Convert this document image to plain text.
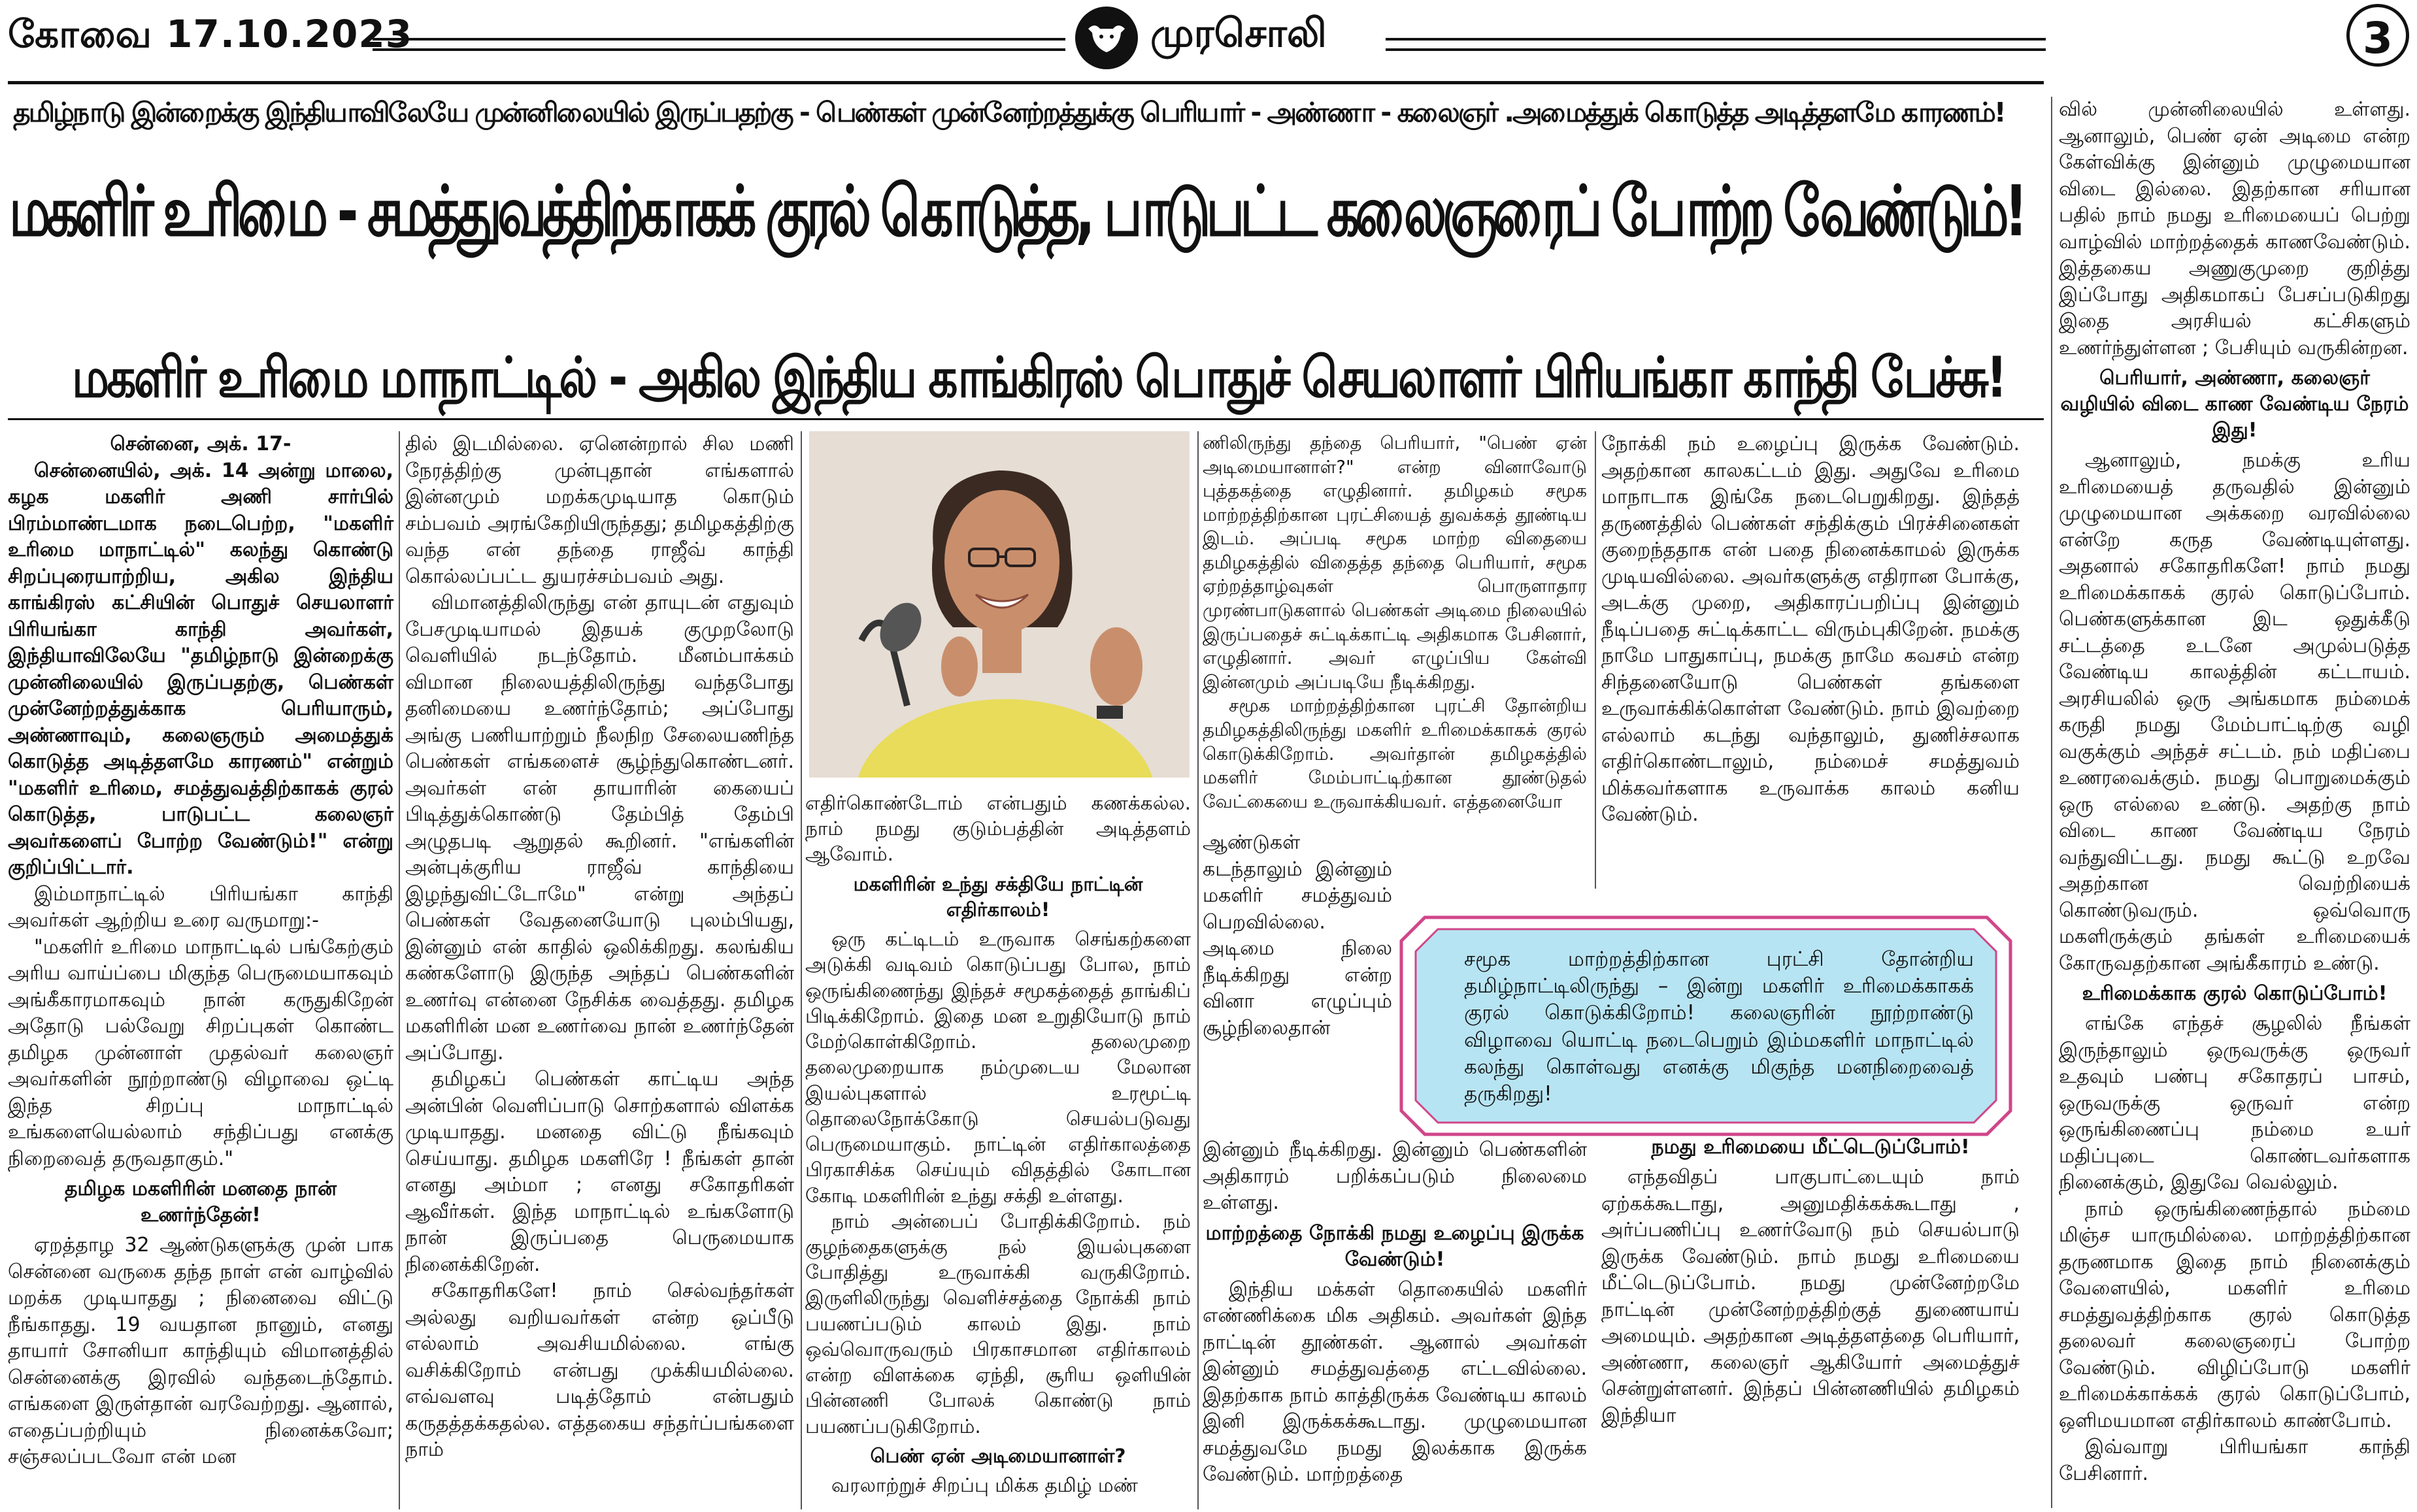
கோவை 17.10.2023	முரசொலி	3
தமிழ்நாடு இன்றைக்கு இந்தியாவிலேயே முன்னிலையில் இருப்பதற்கு - பெண்கள் முன்னேற்றத்துக்கு பெரியார் - அண்ணா - கலைஞர் .அமைத்துக் கொடுத்த அடித்தளமே காரணம்!
மகளிர் உரிமை - சமத்துவத்திற்காகக் குரல் கொடுத்த, பாடுபட்ட கலைஞரைப் போற்ற வேண்டும்!
மகளிர் உரிமை மாநாட்டில் - அகில இந்திய காங்கிரஸ் பொதுச் செயலாளர் பிரியங்கா காந்தி பேச்சு!

சென்னை, அக். 17-

சென்னையில், அக். 14 அன்று மாலை, கழக மகளிர் அணி சார்பில் பிரம்மாண்டமாக நடைபெற்ற, "மகளிர் உரிமை மாநாட்டில்" கலந்து கொண்டு சிறப்புரையாற்றிய, அகில இந்திய காங்கிரஸ் கட்சியின் பொதுச் செயலாளர் பிரியங்கா காந்தி அவர்கள், இந்தியாவிலேயே "தமிழ்நாடு இன்றைக்கு முன்னிலையில் இருப்பதற்கு, பெண்கள் முன்னேற்றத்துக்காக பெரியாரும், அண்ணாவும், கலைஞரும் அமைத்துக் கொடுத்த அடித்தளமே காரணம்" என்றும் "மகளிர் உரிமை, சமத்துவத்திற்காகக் குரல் கொடுத்த, பாடுபட்ட கலைஞர் அவர்களைப் போற்ற வேண்டும்!" என்று குறிப்பிட்டார்.

இம்மாநாட்டில் பிரியங்கா காந்தி அவர்கள் ஆற்றிய உரை வருமாறு:-

"மகளிர் உரிமை மாநாட்டில் பங்கேற்கும் அரிய வாய்ப்பை மிகுந்த பெருமையாகவும் அங்கீகாரமாகவும் நான் கருதுகிறேன் அதோடு பல்வேறு சிறப்புகள் கொண்ட தமிழக முன்னாள் முதல்வர் கலைஞர் அவர்களின் நூற்றாண்டு விழாவை ஒட்டி இந்த சிறப்பு மாநாட்டில் உங்களையெல்லாம் சந்திப்பது எனக்கு நிறைவைத் தருவதாகும்."

தமிழக மகளிரின் மனதை நான் உணர்ந்தேன்!

ஏறத்தாழ 32 ஆண்டுகளுக்கு முன் பாக சென்னை வருகை தந்த நாள் என் வாழ்வில் மறக்க முடியாதது ; நினைவை விட்டு நீங்காதது. 19 வயதான நானும், எனது தாயார் சோனியா காந்தியும் விமானத்தில் சென்னைக்கு இரவில் வந்தடைந்தோம். எங்களை இருள்தான் வரவேற்றது. ஆனால், எதைப்பற்றியும் நினைக்கவோ; சஞ்சலப்படவோ என் மன

தில் இடமில்லை. ஏனென்றால் சில மணி நேரத்திற்கு முன்புதான் எங்களால் இன்னமும் மறக்கமுடியாத கொடும் சம்பவம் அரங்கேறியிருந்தது; தமிழகத்திற்கு வந்த என் தந்தை ராஜீவ் காந்தி கொல்லப்பட்ட துயரச்சம்பவம் அது.

விமானத்திலிருந்து என் தாயுடன் எதுவும் பேசமுடியாமல் இதயக் குமுறலோடு வெளியில் நடந்தோம். மீனம்பாக்கம் விமான நிலையத்திலிருந்து வந்தபோது தனிமையை உணர்ந்தோம்; அப்போது அங்கு பணியாற்றும் நீலநிற சேலையணிந்த பெண்கள் எங்களைச் சூழ்ந்துகொண்டனர். அவர்கள் என் தாயாரின் கையைப் பிடித்துக்கொண்டு தேம்பித் தேம்பி அழுதபடி ஆறுதல் கூறினர். "எங்களின் அன்புக்குரிய ராஜீவ் காந்தியை இழந்துவிட்டோமே" என்று அந்தப் பெண்கள் வேதனையோடு புலம்பியது, இன்னும் என் காதில் ஒலிக்கிறது. கலங்கிய கண்களோடு இருந்த அந்தப் பெண்களின் உணர்வு என்னை நேசிக்க வைத்தது. தமிழக மகளிரின் மன உணர்வை நான் உணர்ந்தேன் அப்போது.

தமிழகப் பெண்கள் காட்டிய அந்த அன்பின் வெளிப்பாடு சொற்களால் விளக்க முடியாதது. மனதை விட்டு நீங்கவும் செய்யாது. தமிழக மகளிரே ! நீங்கள் தான் எனது அம்மா ; எனது சகோதரிகள் ஆவீர்கள். இந்த மாநாட்டில் உங்களோடு நான் இருப்பதை பெருமையாக நினைக்கிறேன்.

சகோதரிகளே! நாம் செல்வந்தர்கள் அல்லது வறியவர்கள் என்ற ஒப்பீடு எல்லாம் அவசியமில்லை. எங்கு வசிக்கிறோம் என்பது முக்கியமில்லை. எவ்வளவு படித்தோம் என்பதும் கருதத்தக்கதல்ல. எத்தகைய சந்தர்ப்பங்களை நாம்

எதிர்கொண்டோம் என்பதும் கணக்கல்ல. நாம் நமது குடும்பத்தின் அடித்தளம் ஆவோம்.

மகளிரின் உந்து சக்தியே நாட்டின் எதிர்காலம்!

ஒரு கட்டிடம் உருவாக செங்கற்களை அடுக்கி வடிவம் கொடுப்பது போல, நாம் ஒருங்கிணைந்து இந்தச் சமூகத்தைத் தாங்கிப் பிடிக்கிறோம். இதை மன உறுதியோடு நாம் மேற்கொள்கிறோம். தலைமுறை தலைமுறையாக நம்முடைய மேலான இயல்புகளால் உரமூட்டி தொலைநோக்கோடு செயல்படுவது பெருமையாகும். நாட்டின் எதிர்காலத்தை பிரகாசிக்க செய்யும் விதத்தில் கோடான கோடி மகளிரின் உந்து சக்தி உள்ளது.

நாம் அன்பைப் போதிக்கிறோம். நம் குழந்தைகளுக்கு நல் இயல்புகளை போதித்து உருவாக்கி வருகிறோம். இருளிலிருந்து வெளிச்சத்தை நோக்கி நாம் பயணப்படும் காலம் இது. நாம் ஒவ்வொருவரும் பிரகாசமான எதிர்காலம் என்ற விளக்கை ஏந்தி, சூரிய ஒளியின் பின்னணி போலக் கொண்டு நாம் பயணப்படுகிறோம்.

பெண் ஏன் அடிமையானாள்?

வரலாற்றுச் சிறப்பு மிக்க தமிழ் மண்

ணிலிருந்து தந்தை பெரியார், "பெண் ஏன் அடிமையானாள்?" என்ற வினாவோடு புத்தகத்தை எழுதினார். தமிழகம் சமூக மாற்றத்திற்கான புரட்சியைத் துவக்கத் தூண்டிய இடம். அப்படி சமூக மாற்ற விதையை தமிழகத்தில் விதைத்த தந்தை பெரியார், சமூக ஏற்றத்தாழ்வுகள் பொருளாதார முரண்பாடுகளால் பெண்கள் அடிமை நிலையில் இருப்பதைச் சுட்டிக்காட்டி அதிகமாக பேசினார், எழுதினார். அவர் எழுப்பிய கேள்வி இன்னமும் அப்படியே நீடிக்கிறது.

சமூக மாற்றத்திற்கான புரட்சி தோன்றிய தமிழகத்திலிருந்து மகளிர் உரிமைக்காகக் குரல் கொடுக்கிறோம். அவர்தான் தமிழகத்தில் மகளிர் மேம்பாட்டிற்கான தூண்டுதல் வேட்கையை உருவாக்கியவர். எத்தனையோ

ஆண்டுகள் கடந்தாலும் இன்னும் மகளிர் சமத்துவம் பெறவில்லை. அடிமை நிலை நீடிக்கிறது என்ற வினா எழுப்பும் சூழ்நிலைதான்

இன்னும் நீடிக்கிறது. இன்னும் பெண்களின் அதிகாரம் பறிக்கப்படும் நிலைமை உள்ளது.

மாற்றத்தை நோக்கி நமது உழைப்பு இருக்க வேண்டும்!

இந்திய மக்கள் தொகையில் மகளிர் எண்ணிக்கை மிக அதிகம். அவர்கள் இந்த நாட்டின் தூண்கள். ஆனால் அவர்கள் இன்னும் சமத்துவத்தை எட்டவில்லை. இதற்காக நாம் காத்திருக்க வேண்டிய காலம் இனி இருக்கக்கூடாது. முழுமையான சமத்துவமே நமது இலக்காக இருக்க வேண்டும். மாற்றத்தை

நோக்கி நம் உழைப்பு இருக்க வேண்டும். அதற்கான காலகட்டம் இது. அதுவே உரிமை மாநாடாக இங்கே நடைபெறுகிறது. இந்தத் தருணத்தில் பெண்கள் சந்திக்கும் பிரச்சினைகள் குறைந்ததாக என் பதை நினைக்காமல் இருக்க முடியவில்லை. அவர்களுக்கு எதிரான போக்கு, அடக்கு முறை, அதிகாரப்பறிப்பு இன்னும் நீடிப்பதை சுட்டிக்காட்ட விரும்புகிறேன். நமக்கு நாமே பாதுகாப்பு, நமக்கு நாமே கவசம் என்ற சிந்தனையோடு பெண்கள் தங்களை உருவாக்கிக்கொள்ள வேண்டும். நாம் இவற்றை எல்லாம் கடந்து வந்தாலும், துணிச்சலாக எதிர்கொண்டாலும், நம்மைச் சமத்துவம் மிக்கவர்களாக உருவாக்க காலம் கனிய வேண்டும்.

நமது உரிமையை மீட்டெடுப்போம்!

எந்தவிதப் பாகுபாட்டையும் நாம் ஏற்கக்கூடாது, அனுமதிக்கக்கூடாது , அர்ப்பணிப்பு உணர்வோடு நம் செயல்பாடு இருக்க வேண்டும். நாம் நமது உரிமையை மீட்டெடுப்போம். நமது முன்னேற்றமே நாட்டின் முன்னேற்றத்திற்குத் துணையாய் அமையும். அதற்கான அடித்தளத்தை பெரியார், அண்ணா, கலைஞர் ஆகியோர் அமைத்துச் சென்றுள்ளனர். இந்தப் பின்னணியில் தமிழகம் இந்தியா

சமூக மாற்றத்திற்கான புரட்சி தோன்றிய தமிழ்நாட்டிலிருந்து – இன்று மகளிர் உரிமைக்காகக் குரல் கொடுக்கிறோம்! கலைஞரின் நூற்றாண்டு விழாவை யொட்டி நடைபெறும் இம்மகளிர் மாநாட்டில் கலந்து கொள்வது எனக்கு மிகுந்த மனநிறைவைத் தருகிறது!

வில் முன்னிலையில் உள்ளது. ஆனாலும், பெண் ஏன் அடிமை என்ற கேள்விக்கு இன்னும் முழுமையான விடை இல்லை. இதற்கான சரியான பதில் நாம் நமது உரிமையைப் பெற்று வாழ்வில் மாற்றத்தைக் காணவேண்டும். இத்தகைய அணுகுமுறை குறித்து இப்போது அதிகமாகப் பேசப்படுகிறது இதை அரசியல் கட்சிகளும் உணர்ந்துள்ளன ; பேசியும் வருகின்றன.

பெரியார், அண்ணா, கலைஞர் வழியில் விடை காண வேண்டிய நேரம் இது!

ஆனாலும், நமக்கு உரிய உரிமையைத் தருவதில் இன்னும் முழுமையான அக்கறை வரவில்லை என்றே கருத வேண்டியுள்ளது. அதனால் சகோதரிகளே! நாம் நமது உரிமைக்காகக் குரல் கொடுப்போம். பெண்களுக்கான இட ஒதுக்கீடு சட்டத்தை உடனே அமுல்படுத்த வேண்டிய காலத்தின் கட்டாயம். அரசியலில் ஒரு அங்கமாக நம்மைக் கருதி நமது மேம்பாட்டிற்கு வழி வகுக்கும் அந்தச் சட்டம். நம் மதிப்பை உணரவைக்கும். நமது பொறுமைக்கும் ஒரு எல்லை உண்டு. அதற்கு நாம் விடை காண வேண்டிய நேரம் வந்துவிட்டது. நமது கூட்டு உறவே அதற்கான வெற்றியைக் கொண்டுவரும். ஒவ்வொரு மகளிருக்கும் தங்கள் உரிமையைக் கோருவதற்கான அங்கீகாரம் உண்டு.

உரிமைக்காக குரல் கொடுப்போம்!

எங்கே எந்தச் சூழலில் நீங்கள் இருந்தாலும் ஒருவருக்கு ஒருவர் உதவும் பண்பு சகோதரப் பாசம், ஒருவருக்கு ஒருவர் என்ற ஒருங்கிணைப்பு நம்மை உயர் மதிப்புடை கொண்டவர்களாக நினைக்கும், இதுவே வெல்லும்.

நாம் ஒருங்கிணைந்தால் நம்மை மிஞ்ச யாருமில்லை. மாற்றத்திற்கான தருணமாக இதை நாம் நினைக்கும் வேளையில், மகளிர் உரிமை சமத்துவத்திற்காக குரல் கொடுத்த தலைவர் கலைஞரைப் போற்ற வேண்டும். விழிப்போடு மகளிர் உரிமைக்காக்கக் குரல் கொடுப்போம், ஒளிமயமான எதிர்காலம் காண்போம்.

இவ்வாறு பிரியங்கா காந்தி பேசினார்.
